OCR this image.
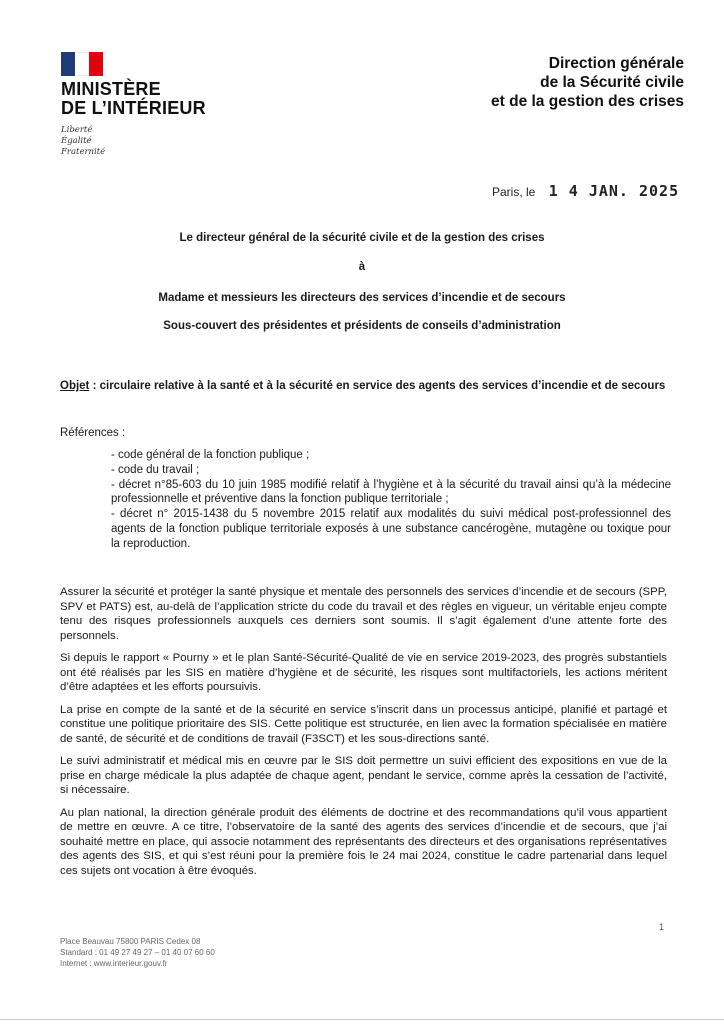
MINISTÈRE
DE L’INTÉRIEUR
Liberté
Égalité
Fraternité
Direction générale
de la Sécurité civile
et de la gestion des crises
Paris, le 1 4 JAN. 2025
Le directeur général de la sécurité civile et de la gestion des crises
à
Madame et messieurs les directeurs des services d’incendie et de secours
Sous-couvert des présidentes et présidents de conseils d’administration
Objet : circulaire relative à la santé et à la sécurité en service des agents des services d’incendie et de secours
Références :
- code général de la fonction publique ;
- code du travail ;
- décret n°85-603 du 10 juin 1985 modifié relatif à l’hygiène et à la sécurité du travail ainsi qu’à la médecine professionnelle et préventive dans la fonction publique territoriale ;
- décret n° 2015-1438 du 5 novembre 2015 relatif aux modalités du suivi médical post-professionnel des agents de la fonction publique territoriale exposés à une substance cancérogène, mutagène ou toxique pour la reproduction.

Assurer la sécurité et protéger la santé physique et mentale des personnels des services d’incendie et de secours (SPP, SPV et PATS) est, au-delà de l’application stricte du code du travail et des règles en vigueur, un véritable enjeu compte tenu des risques professionnels auxquels ces derniers sont soumis. Il s’agit également d’une attente forte des personnels.

Si depuis le rapport « Pourny » et le plan Santé-Sécurité-Qualité de vie en service 2019-2023, des progrès substantiels ont été réalisés par les SIS en matière d’hygiène et de sécurité, les risques sont multifactoriels, les actions méritent d’être adaptées et les efforts poursuivis.

La prise en compte de la santé et de la sécurité en service s’inscrit dans un processus anticipé, planifié et partagé et constitue une politique prioritaire des SIS. Cette politique est structurée, en lien avec la formation spécialisée en matière de santé, de sécurité et de conditions de travail (F3SCT) et les sous-directions santé.

Le suivi administratif et médical mis en œuvre par le SIS doit permettre un suivi efficient des expositions en vue de la prise en charge médicale la plus adaptée de chaque agent, pendant le service, comme après la cessation de l’activité, si nécessaire.

Au plan national, la direction générale produit des éléments de doctrine et des recommandations qu’il vous appartient de mettre en œuvre. A ce titre, l’observatoire de la santé des agents des services d’incendie et de secours, que j’ai souhaité mettre en place, qui associe notamment des représentants des directeurs et des organisations représentatives des agents des SIS, et qui s’est réuni pour la première fois le 24 mai 2024, constitue le cadre partenarial dans lequel ces sujets ont vocation à être évoqués.

1
Place Beauvau 75800 PARIS Cedex 08
Standard : 01 49 27 49 27 – 01 40 07 60 60
Internet : www.interieur.gouv.fr
